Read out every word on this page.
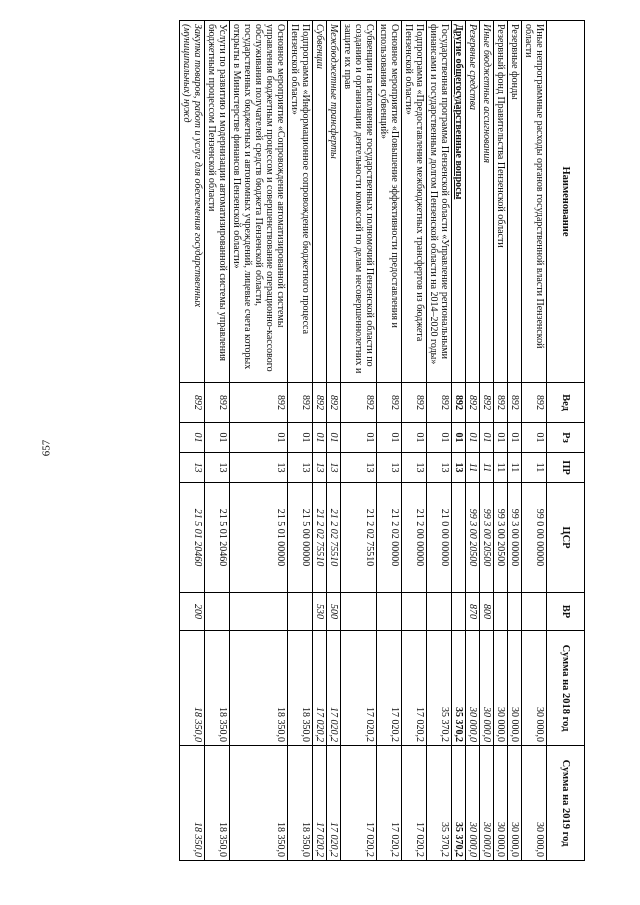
657
Наименование	Вед	Рз	ПР	ЦСР	ВР	Сумма на 2018 год	Сумма на 2019 год
Иные непрограммные расходы органов государственной власти Пензенской области	892	01	11	99 0 00 00000		30 000,0	30 000,0
Резервные фонды	892	01	11	99 3 00 00000		30 000,0	30 000,0
Резервный фонд Правительства Пензенской области	892	01	11	99 3 00 20500		30 000,0	30 000,0
Иные бюджетные ассигнования	892	01	11	99 3 00 20500	800	30 000,0	30 000,0
Резервные средства	892	01	11	99 3 00 20500	870	30 000,0	30 000,0
Другие общегосударственные вопросы	892	01	13			35 370,2	35 370,2
Государственная программа Пензенской области «Управление региональными финансами и государственным долгом Пензенской области на 2014–2020 годы»	892	01	13	21 0 00 00000		35 370,2	35 370,2
Подпрограмма «Предоставление межбюджетных трансфертов из бюджета Пензенской области»	892	01	13	21 2 00 00000		17 020,2	17 020,2
Основное мероприятие «Повышение эффективности предоставления и использования субвенций»	892	01	13	21 2 02 00000		17 020,2	17 020,2
Субвенции на исполнение государственных полномочий Пензенской области по созданию и организации деятельности комиссий по делам несовершеннолетних и защите их прав	892	01	13	21 2 02 75510		17 020,2	17 020,2
Межбюджетные трансферты	892	01	13	21 2 02 75510	500	17 020,2	17 020,2
Субвенции	892	01	13	21 2 02 75510	530	17 020,2	17 020,2
Подпрограмма «Информационное сопровождение бюджетного процесса Пензенской области»	892	01	13	21 5 00 00000		18 350,0	18 350,0
Основное мероприятие «Сопровождение автоматизированной системы управления бюджетным процессом и совершенствование операционно-кассового обслуживания получателей средств бюджета Пензенской области, государственных бюджетных и автономных учреждений, лицевые счета которых открыты в Министерстве финансов Пензенской области»	892	01	13	21 5 01 00000		18 350,0	18 350,0
Услуги по развитию и модернизации автоматизированной системы управления бюджетным процессом Пензенской области	892	01	13	21 5 01 20460		18 350,0	18 350,0
Закупка товаров, работ и услуг для обеспечения государственных (муниципальных) нужд	892	01	13	21 5 01 20460	200	18 350,0	18 350,0
